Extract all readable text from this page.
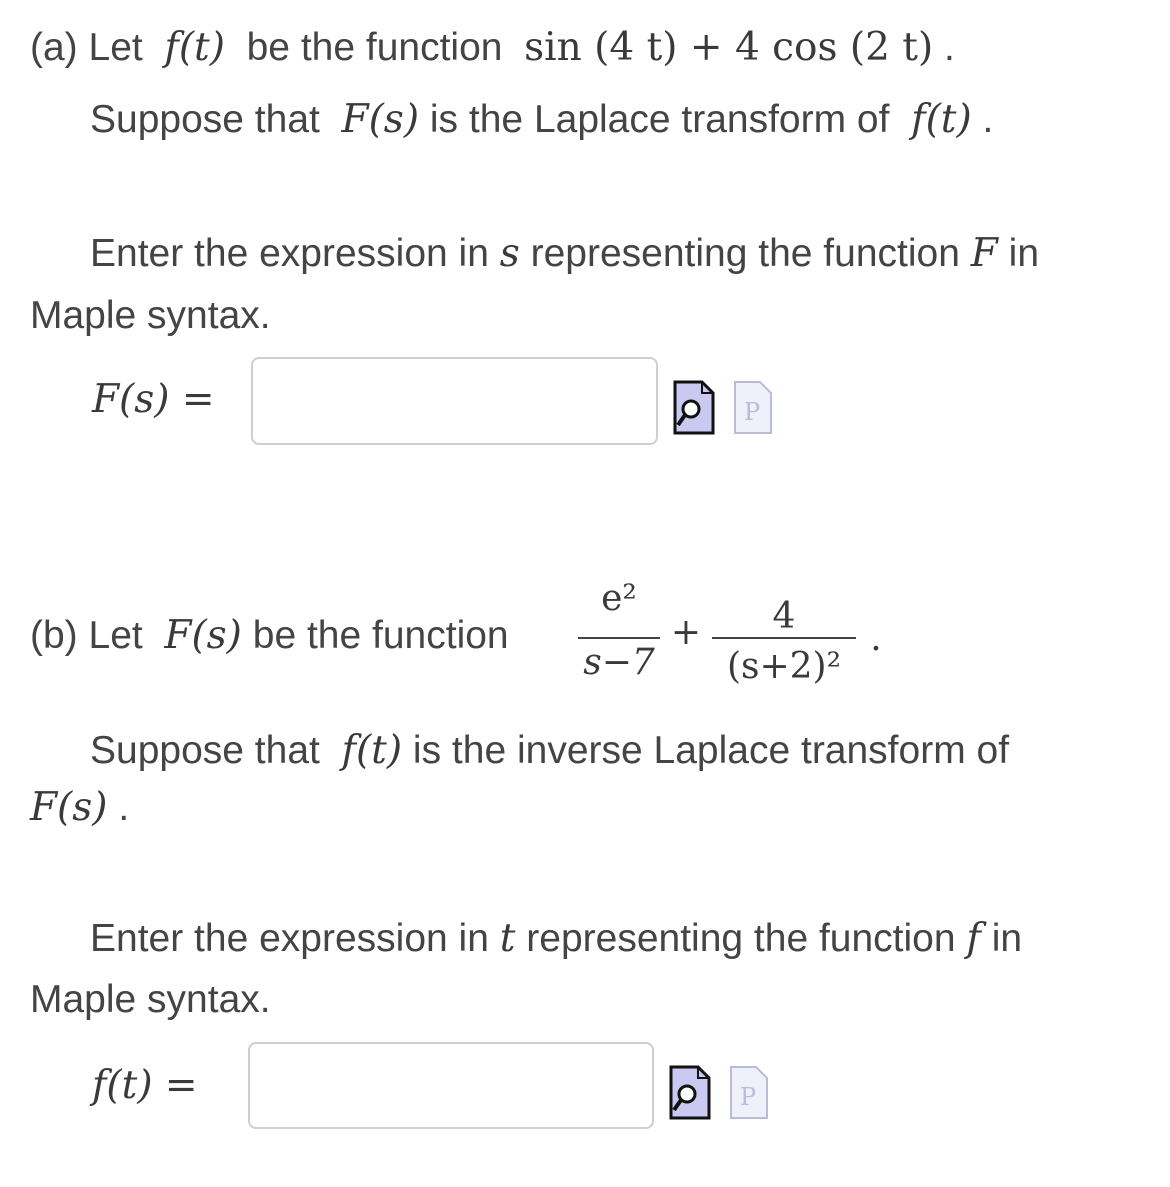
(a) Let f(t) be the function sin (4 t) + 4 cos (2 t) .
Suppose that F(s) is the Laplace transform of f(t) .
Enter the expression in s representing the function F in
Maple syntax.
F(s) =	P
(b) Let F(s) be the function
e²
s−7
+	4
(s+2)²
.
Suppose that f(t) is the inverse Laplace transform of
F(s) .
Enter the expression in t representing the function f in
Maple syntax.
f(t) =	P
